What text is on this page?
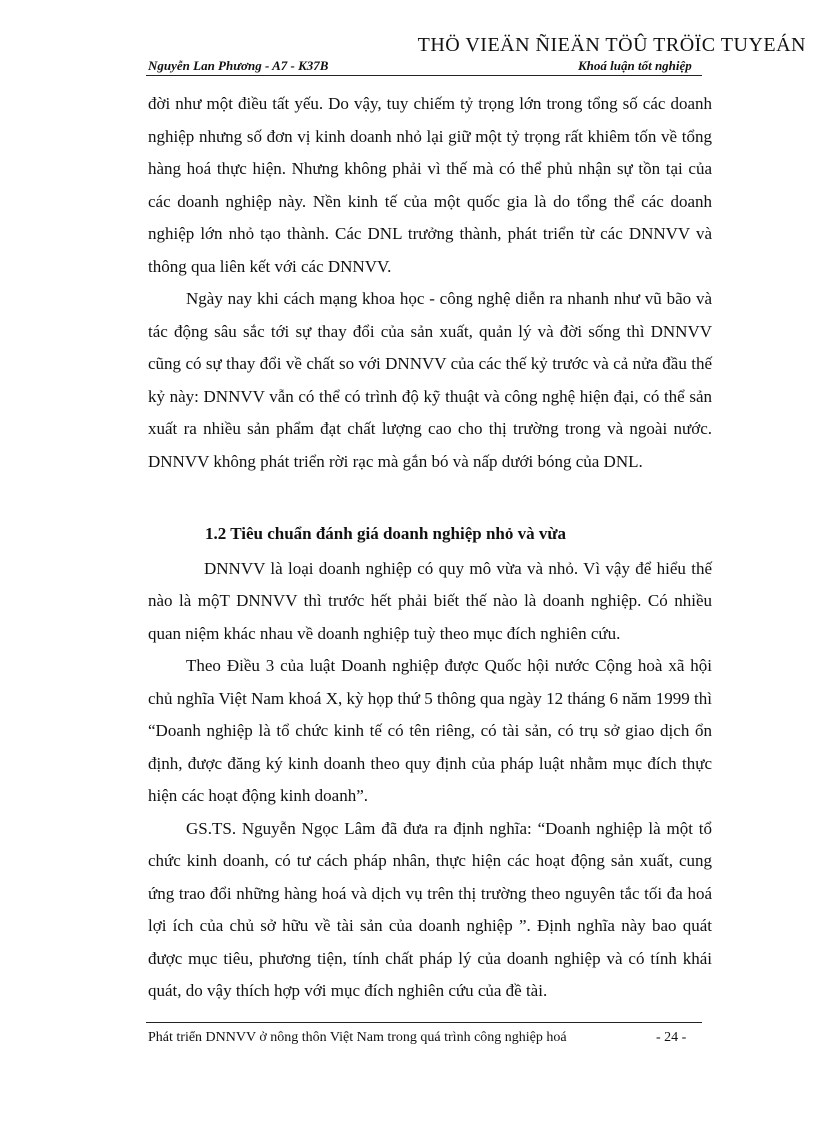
THÖ VIEÄN ÑIEÄN TÖÛ TRÖÏC TUYEÁN
Nguyễn Lan Phương - A7 - K37B	Khoá luận tốt nghiệp

đời như một điều tất yếu. Do vậy, tuy chiếm tỷ trọng lớn trong tổng số các doanh nghiệp nhưng số đơn vị kinh doanh nhỏ lại giữ một tỷ trọng rất khiêm tốn về tổng hàng hoá thực hiện. Nhưng không phải vì thế mà có thể phủ nhận sự tồn tại của các doanh nghiệp này. Nền kinh tế của một quốc gia là do tổng thể các doanh nghiệp lớn nhỏ tạo thành. Các DNL trưởng thành, phát triển từ các DNNVV và thông qua liên kết với các DNNVV.

Ngày nay khi cách mạng khoa học - công nghệ diễn ra nhanh như vũ bão và tác động sâu sắc tới sự thay đổi của sản xuất, quản lý và đời sống thì DNNVV cũng có sự thay đổi về chất so với DNNVV của các thế kỷ trước và cả nửa đầu thế kỷ này: DNNVV vẫn có thể có trình độ kỹ thuật và công nghệ hiện đại, có thể sản xuất ra nhiều sản phẩm đạt chất lượng cao cho thị trường trong và ngoài nước. DNNVV không phát triển rời rạc mà gắn bó và nấp dưới bóng của DNL.

1.2 Tiêu chuẩn đánh giá doanh nghiệp nhỏ và vừa

DNNVV là loại doanh nghiệp có quy mô vừa và nhỏ. Vì vậy để hiểu thế nào là mộT DNNVV thì trước hết phải biết thế nào là doanh nghiệp. Có nhiều quan niệm khác nhau về doanh nghiệp tuỳ theo mục đích nghiên cứu.

Theo Điều 3 của luật Doanh nghiệp được Quốc hội nước Cộng hoà xã hội chủ nghĩa Việt Nam khoá X, kỳ họp thứ 5 thông qua ngày 12 tháng 6 năm 1999 thì “Doanh nghiệp là tổ chức kinh tế có tên riêng, có tài sản, có trụ sở giao dịch ổn định, được đăng ký kinh doanh theo quy định của pháp luật nhằm mục đích thực hiện các hoạt động kinh doanh”.

GS.TS. Nguyễn Ngọc Lâm đã đưa ra định nghĩa: “Doanh nghiệp là một tổ chức kinh doanh, có tư cách pháp nhân, thực hiện các hoạt động sản xuất, cung ứng trao đổi những hàng hoá và dịch vụ trên thị trường theo nguyên tắc tối đa hoá lợi ích của chủ sở hữu về tài sản của doanh nghiệp ”. Định nghĩa này bao quát được mục tiêu, phương tiện, tính chất pháp lý của doanh nghiệp và có tính khái quát, do vậy thích hợp với mục đích nghiên cứu của đề tài.

Phát triển DNNVV ở nông thôn Việt Nam trong quá trình công nghiệp hoá	- 24 -
